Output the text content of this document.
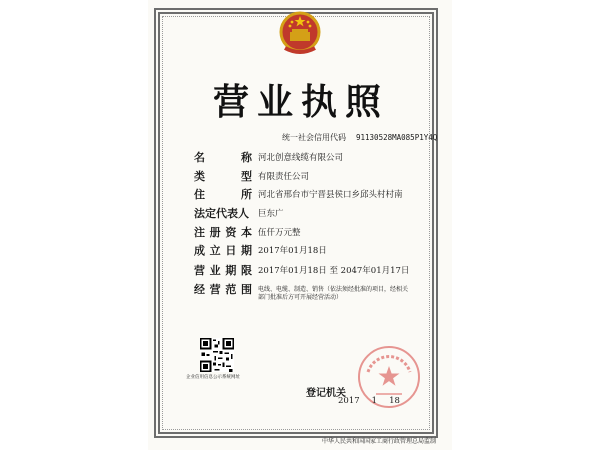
营业执照
统一社会信用代码 91130528MA085P1Y4Q
名	称 河北创意线缆有限公司
类	型 有限责任公司
住	所 河北省邢台市宁晋县侯口乡邱头村村南
法定代表人	巨东广
注 册 资 本 伍仟万元整
成 立 日 期 2017年01月18日
营 业 期 限 2017年01月18日 至 2047年01月17日
经 营 范 围 电线、电缆、制造、销售（依法须经批准的项目，经相关部门批准后方可开展经营活动）
企业信用信息公示系统网址
登记机关
2017 1 18
中华人民共和国国家工商行政管理总局监制
